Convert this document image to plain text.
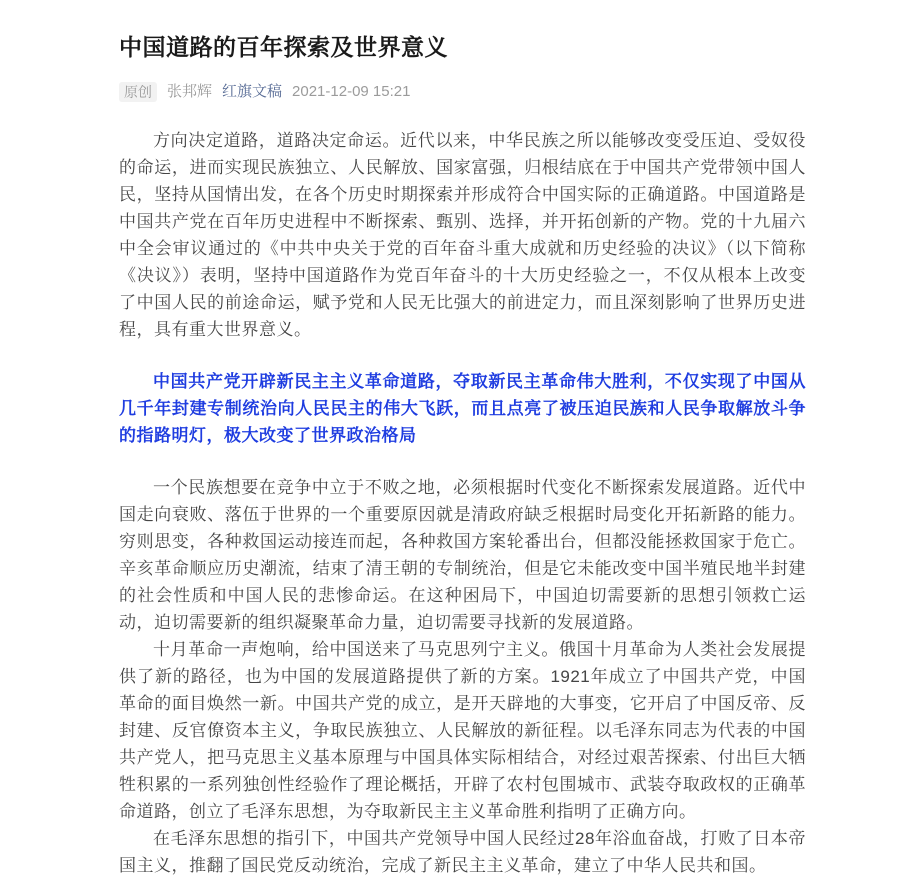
中国道路的百年探索及世界意义
原创	张邦辉 红旗文稿 2021-12-09 15:21

方向决定道路，道路决定命运。近代以来，中华民族之所以能够改变受压迫、受奴役的命运，进而实现民族独立、人民解放、国家富强，归根结底在于中国共产党带领中国人民，坚持从国情出发，在各个历史时期探索并形成符合中国实际的正确道路。中国道路是中国共产党在百年历史进程中不断探索、甄别、选择，并开拓创新的产物。党的十九届六中全会审议通过的《中共中央关于党的百年奋斗重大成就和历史经验的决议》（以下简称《决议》）表明，坚持中国道路作为党百年奋斗的十大历史经验之一，不仅从根本上改变了中国人民的前途命运，赋予党和人民无比强大的前进定力，而且深刻影响了世界历史进程，具有重大世界意义。

中国共产党开辟新民主主义革命道路，夺取新民主革命伟大胜利，不仅实现了中国从几千年封建专制统治向人民民主的伟大飞跃，而且点亮了被压迫民族和人民争取解放斗争的指路明灯，极大改变了世界政治格局

一个民族想要在竞争中立于不败之地，必须根据时代变化不断探索发展道路。近代中国走向衰败、落伍于世界的一个重要原因就是清政府缺乏根据时局变化开拓新路的能力。穷则思变，各种救国运动接连而起，各种救国方案轮番出台，但都没能拯救国家于危亡。辛亥革命顺应历史潮流，结束了清王朝的专制统治，但是它未能改变中国半殖民地半封建的社会性质和中国人民的悲惨命运。在这种困局下，中国迫切需要新的思想引领救亡运动，迫切需要新的组织凝聚革命力量，迫切需要寻找新的发展道路。

十月革命一声炮响，给中国送来了马克思列宁主义。俄国十月革命为人类社会发展提供了新的路径，也为中国的发展道路提供了新的方案。1921年成立了中国共产党，中国革命的面目焕然一新。中国共产党的成立，是开天辟地的大事变，它开启了中国反帝、反封建、反官僚资本主义，争取民族独立、人民解放的新征程。以毛泽东同志为代表的中国共产党人，把马克思主义基本原理与中国具体实际相结合，对经过艰苦探索、付出巨大牺牲积累的一系列独创性经验作了理论概括，开辟了农村包围城市、武装夺取政权的正确革命道路，创立了毛泽东思想，为夺取新民主主义革命胜利指明了正确方向。

在毛泽东思想的指引下，中国共产党领导中国人民经过28年浴血奋战，打败了日本帝国主义，推翻了国民党反动统治，完成了新民主主义革命，建立了中华人民共和国。
